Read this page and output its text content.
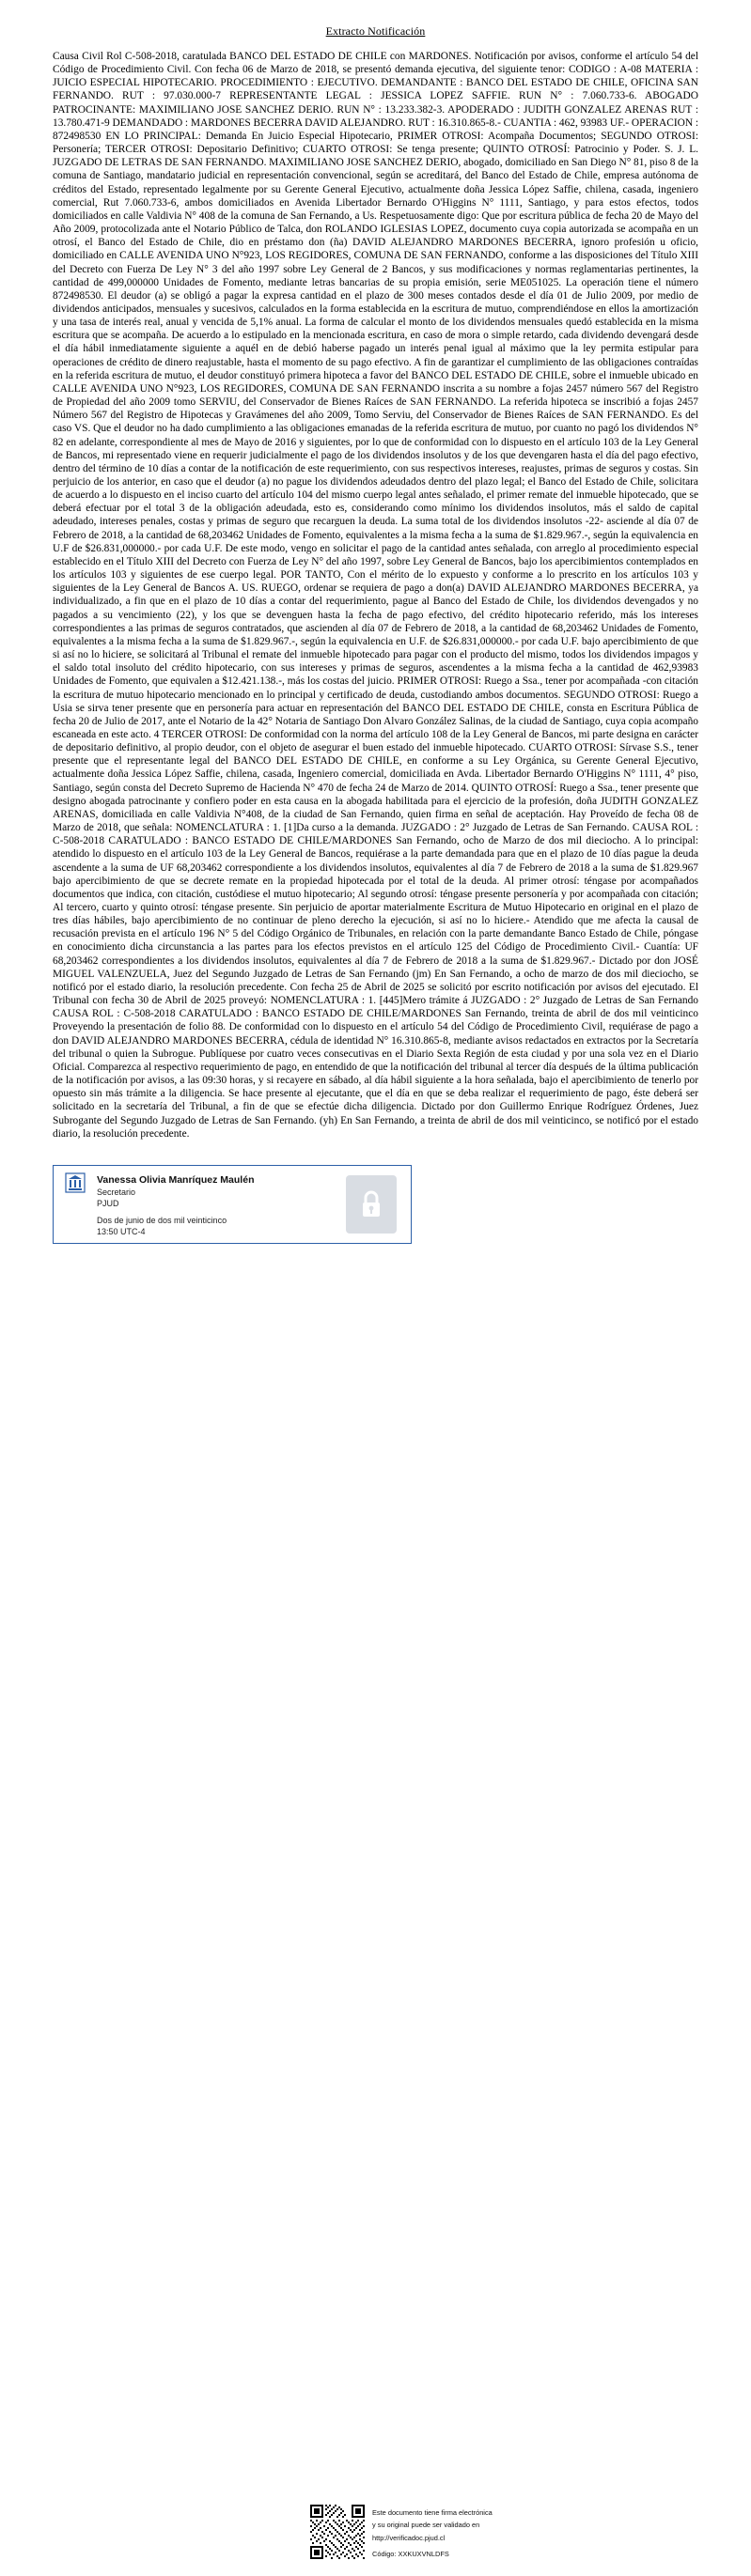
Extracto Notificación

Causa Civil Rol C-508-2018, caratulada BANCO DEL ESTADO DE CHILE con MARDONES. Notificación por avisos, conforme el artículo 54 del Código de Procedimiento Civil. Con fecha 06 de Marzo de 2018, se presentó demanda ejecutiva, del siguiente tenor: CODIGO : A-08 MATERIA : JUICIO ESPECIAL HIPOTECARIO. PROCEDIMIENTO : EJECUTIVO. DEMANDANTE : BANCO DEL ESTADO DE CHILE, OFICINA SAN FERNANDO. RUT : 97.030.000-7 REPRESENTANTE LEGAL : JESSICA LOPEZ SAFFIE. RUN N° : 7.060.733-6. ABOGADO PATROCINANTE: MAXIMILIANO JOSE SANCHEZ DERIO. RUN N° : 13.233.382-3. APODERADO : JUDITH GONZALEZ ARENAS RUT : 13.780.471-9 DEMANDADO : MARDONES BECERRA DAVID ALEJANDRO. RUT : 16.310.865-8.- CUANTIA : 462, 93983 UF.- OPERACION : 872498530 EN LO PRINCIPAL: Demanda En Juicio Especial Hipotecario, PRIMER OTROSI: Acompaña Documentos; SEGUNDO OTROSI: Personería; TERCER OTROSI: Depositario Definitivo; CUARTO OTROSI: Se tenga presente; QUINTO OTROSÍ: Patrocinio y Poder. S. J. L. JUZGADO DE LETRAS DE SAN FERNANDO. MAXIMILIANO JOSE SANCHEZ DERIO, abogado, domiciliado en San Diego N° 81, piso 8 de la comuna de Santiago, mandatario judicial en representación convencional, según se acreditará, del Banco del Estado de Chile, empresa autónoma de créditos del Estado, representado legalmente por su Gerente General Ejecutivo, actualmente doña Jessica López Saffie, chilena, casada, ingeniero comercial, Rut 7.060.733-6, ambos domiciliados en Avenida Libertador Bernardo O'Higgins N° 1111, Santiago, y para estos efectos, todos domiciliados en calle Valdivia N° 408 de la comuna de San Fernando, a Us. Respetuosamente digo: Que por escritura pública de fecha 20 de Mayo del Año 2009, protocolizada ante el Notario Público de Talca, don ROLANDO IGLESIAS LOPEZ, documento cuya copia autorizada se acompaña en un otrosí, el Banco del Estado de Chile, dio en préstamo don (ña) DAVID ALEJANDRO MARDONES BECERRA, ignoro profesión u oficio, domiciliado en CALLE AVENIDA UNO N°923, LOS REGIDORES, COMUNA DE SAN FERNANDO, conforme a las disposiciones del Título XIII del Decreto con Fuerza De Ley N° 3 del año 1997 sobre Ley General de 2 Bancos, y sus modificaciones y normas reglamentarias pertinentes, la cantidad de 499,000000 Unidades de Fomento, mediante letras bancarias de su propia emisión, serie ME051025. La operación tiene el número 872498530. El deudor (a) se obligó a pagar la expresa cantidad en el plazo de 300 meses contados desde el día 01 de Julio 2009, por medio de dividendos anticipados, mensuales y sucesivos, calculados en la forma establecida en la escritura de mutuo, comprendiéndose en ellos la amortización y una tasa de interés real, anual y vencida de 5,1% anual. La forma de calcular el monto de los dividendos mensuales quedó establecida en la misma escritura que se acompaña. De acuerdo a lo estipulado en la mencionada escritura, en caso de mora o simple retardo, cada dividendo devengará desde el día hábil inmediatamente siguiente a aquél en de debió haberse pagado un interés penal igual al máximo que la ley permita estipular para operaciones de crédito de dinero reajustable, hasta el momento de su pago efectivo. A fin de garantizar el cumplimiento de las obligaciones contraídas en la referida escritura de mutuo, el deudor constituyó primera hipoteca a favor del BANCO DEL ESTADO DE CHILE, sobre el inmueble ubicado en CALLE AVENIDA UNO N°923, LOS REGIDORES, COMUNA DE SAN FERNANDO inscrita a su nombre a fojas 2457 número 567 del Registro de Propiedad del año 2009 tomo SERVIU, del Conservador de Bienes Raíces de SAN FERNANDO. La referida hipoteca se inscribió a fojas 2457 Número 567 del Registro de Hipotecas y Gravámenes del año 2009, Tomo Serviu, del Conservador de Bienes Raíces de SAN FERNANDO. Es del caso VS. Que el deudor no ha dado cumplimiento a las obligaciones emanadas de la referida escritura de mutuo, por cuanto no pagó los dividendos N° 82 en adelante, correspondiente al mes de Mayo de 2016 y siguientes, por lo que de conformidad con lo dispuesto en el artículo 103 de la Ley General de Bancos, mi representado viene en requerir judicialmente el pago de los dividendos insolutos y de los que devengaren hasta el día del pago efectivo, dentro del término de 10 días a contar de la notificación de este requerimiento, con sus respectivos intereses, reajustes, primas de seguros y costas. Sin perjuicio de los anterior, en caso que el deudor (a) no pague los dividendos adeudados dentro del plazo legal; el Banco del Estado de Chile, solicitara de acuerdo a lo dispuesto en el inciso cuarto del artículo 104 del mismo cuerpo legal antes señalado, el primer remate del inmueble hipotecado, que se deberá efectuar por el total 3 de la obligación adeudada, esto es, considerando como mínimo los dividendos insolutos, más el saldo de capital adeudado, intereses penales, costas y primas de seguro que recarguen la deuda. La suma total de los dividendos insolutos -22- asciende al día 07 de Febrero de 2018, a la cantidad de 68,203462 Unidades de Fomento, equivalentes a la misma fecha a la suma de $1.829.967.-, según la equivalencia en U.F de $26.831,000000.- por cada U.F. De este modo, vengo en solicitar el pago de la cantidad antes señalada, con arreglo al procedimiento especial establecido en el Título XIII del Decreto con Fuerza de Ley N° del año 1997, sobre Ley General de Bancos, bajo los apercibimientos contemplados en los artículos 103 y siguientes de ese cuerpo legal. POR TANTO, Con el mérito de lo expuesto y conforme a lo prescrito en los artículos 103 y siguientes de la Ley General de Bancos A. US. RUEGO, ordenar se requiera de pago a don(a) DAVID ALEJANDRO MARDONES BECERRA, ya individualizado, a fin que en el plazo de 10 días a contar del requerimiento, pague al Banco del Estado de Chile, los dividendos devengados y no pagados a su vencimiento (22), y los que se devenguen hasta la fecha de pago efectivo, del crédito hipotecario referido, más los intereses correspondientes a las primas de seguros contratados, que ascienden al día 07 de Febrero de 2018, a la cantidad de 68,203462 Unidades de Fomento, equivalentes a la misma fecha a la suma de $1.829.967.-, según la equivalencia en U.F. de $26.831,000000.- por cada U.F. bajo apercibimiento de que si así no lo hiciere, se solicitará al Tribunal el remate del inmueble hipotecado para pagar con el producto del mismo, todos los dividendos impagos y el saldo total insoluto del crédito hipotecario, con sus intereses y primas de seguros, ascendentes a la misma fecha a la cantidad de 462,93983 Unidades de Fomento, que equivalen a $12.421.138.-, más los costas del juicio. PRIMER OTROSI: Ruego a Ssa., tener por acompañada -con citación la escritura de mutuo hipotecario mencionado en lo principal y certificado de deuda, custodiando ambos documentos. SEGUNDO OTROSI: Ruego a Usia se sirva tener presente que en personería para actuar en representación del BANCO DEL ESTADO DE CHILE, consta en Escritura Pública de fecha 20 de Julio de 2017, ante el Notario de la 42° Notaria de Santiago Don Alvaro González Salinas, de la ciudad de Santiago, cuya copia acompaño escaneada en este acto. 4 TERCER OTROSI: De conformidad con la norma del artículo 108 de la Ley General de Bancos, mi parte designa en carácter de depositario definitivo, al propio deudor, con el objeto de asegurar el buen estado del inmueble hipotecado. CUARTO OTROSI: Sírvase S.S., tener presente que el representante legal del BANCO DEL ESTADO DE CHILE, en conforme a su Ley Orgánica, su Gerente General Ejecutivo, actualmente doña Jessica López Saffie, chilena, casada, Ingeniero comercial, domiciliada en Avda. Libertador Bernardo O'Higgins N° 1111, 4° piso, Santiago, según consta del Decreto Supremo de Hacienda N° 470 de fecha 24 de Marzo de 2014. QUINTO OTROSÍ: Ruego a Ssa., tener presente que designo abogada patrocinante y confiero poder en esta causa en la abogada habilitada para el ejercicio de la profesión, doña JUDITH GONZALEZ ARENAS, domiciliada en calle Valdivia N°408, de la ciudad de San Fernando, quien firma en señal de aceptación. Hay Proveído de fecha 08 de Marzo de 2018, que señala: NOMENCLATURA : 1. [1]Da curso a la demanda. JUZGADO : 2° Juzgado de Letras de San Fernando. CAUSA ROL : C-508-2018 CARATULADO : BANCO ESTADO DE CHILE/MARDONES San Fernando, ocho de Marzo de dos mil dieciocho. A lo principal: atendido lo dispuesto en el artículo 103 de la Ley General de Bancos, requiérase a la parte demandada para que en el plazo de 10 días pague la deuda ascendente a la suma de UF 68,203462 correspondiente a los dividendos insolutos, equivalentes al día 7 de Febrero de 2018 a la suma de $1.829.967 bajo apercibimiento de que se decrete remate en la propiedad hipotecada por el total de la deuda. Al primer otrosí: téngase por acompañados documentos que indica, con citación, custódiese el mutuo hipotecario; Al segundo otrosí: téngase presente personería y por acompañada con citación; Al tercero, cuarto y quinto otrosí: téngase presente. Sin perjuicio de aportar materialmente Escritura de Mutuo Hipotecario en original en el plazo de tres días hábiles, bajo apercibimiento de no continuar de pleno derecho la ejecución, si así no lo hiciere.- Atendido que me afecta la causal de recusación prevista en el artículo 196 N° 5 del Código Orgánico de Tribunales, en relación con la parte demandante Banco Estado de Chile, póngase en conocimiento dicha circunstancia a las partes para los efectos previstos en el artículo 125 del Código de Procedimiento Civil.- Cuantía: UF 68,203462 correspondientes a los dividendos insolutos, equivalentes al día 7 de Febrero de 2018 a la suma de $1.829.967.- Dictado por don JOSÉ MIGUEL VALENZUELA, Juez del Segundo Juzgado de Letras de San Fernando (jm) En San Fernando, a ocho de marzo de dos mil dieciocho, se notificó por el estado diario, la resolución precedente. Con fecha 25 de Abril de 2025 se solicitó por escrito notificación por avisos del ejecutado. El Tribunal con fecha 30 de Abril de 2025 proveyó: NOMENCLATURA : 1. [445]Mero trámite á JUZGADO : 2° Juzgado de Letras de San Fernando CAUSA ROL : C-508-2018 CARATULADO : BANCO ESTADO DE CHILE/MARDONES San Fernando, treinta de abril de dos mil veinticinco Proveyendo la presentación de folio 88. De conformidad con lo dispuesto en el artículo 54 del Código de Procedimiento Civil, requiérase de pago a don DAVID ALEJANDRO MARDONES BECERRA, cédula de identidad N° 16.310.865-8, mediante avisos redactados en extractos por la Secretaría del tribunal o quien la Subrogue. Publíquese por cuatro veces consecutivas en el Diario Sexta Región de esta ciudad y por una sola vez en el Diario Oficial. Comparezca al respectivo requerimiento de pago, en entendido de que la notificación del tribunal al tercer día después de la última publicación de la notificación por avisos, a las 09:30 horas, y si recayere en sábado, al día hábil siguiente a la hora señalada, bajo el apercibimiento de tenerlo por opuesto sin más trámite a la diligencia. Se hace presente al ejecutante, que el día en que se deba realizar el requerimiento de pago, éste deberá ser solicitado en la secretaría del Tribunal, a fin de que se efectúe dicha diligencia. Dictado por don Guillermo Enrique Rodríguez Órdenes, Juez Subrogante del Segundo Juzgado de Letras de San Fernando. (yh) En San Fernando, a treinta de abril de dos mil veinticinco, se notificó por el estado diario, la resolución precedente.

Vanessa Olivia Manríquez Maulén
Secretario
PJUD
Dos de junio de dos mil veinticinco
13:50 UTC-4
Este documento tiene firma electrónica
y su original puede ser validado en
http://verificadoc.pjud.cl
Código: XXKUXVNLDFS
